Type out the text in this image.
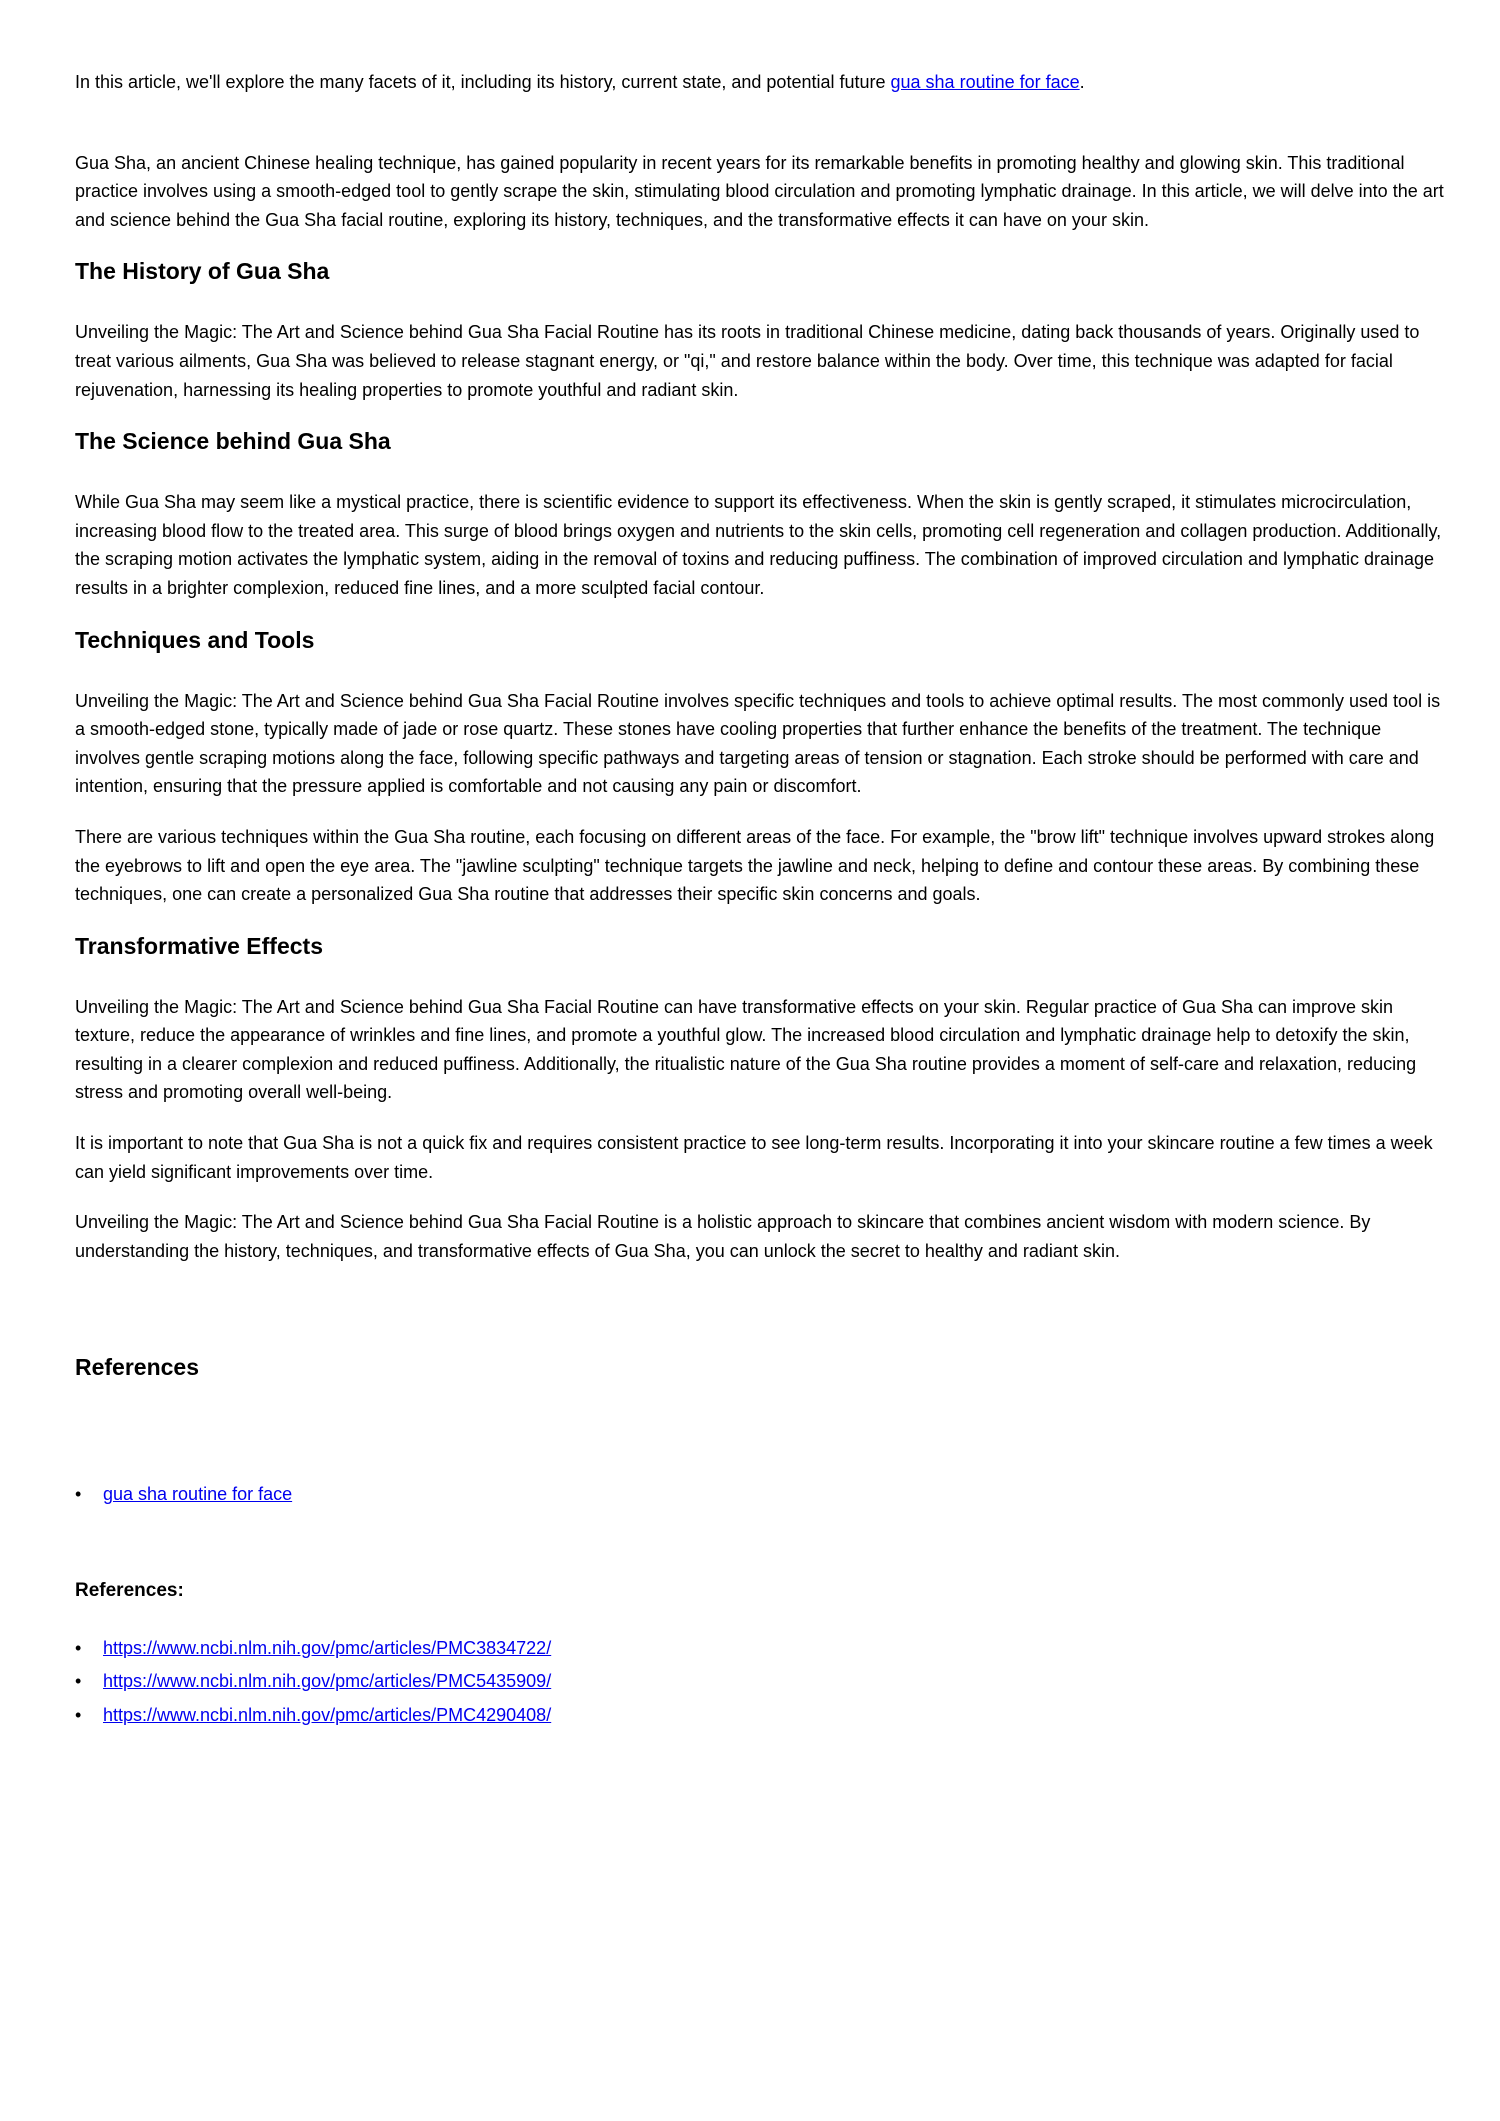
In this article, we'll explore the many facets of it, including its history, current state, and potential future gua sha routine for face.

Gua Sha, an ancient Chinese healing technique, has gained popularity in recent years for its remarkable benefits in promoting healthy and glowing skin. This traditional practice involves using a smooth-edged tool to gently scrape the skin, stimulating blood circulation and promoting lymphatic drainage. In this article, we will delve into the art and science behind the Gua Sha facial routine, exploring its history, techniques, and the transformative effects it can have on your skin.

The History of Gua Sha

Unveiling the Magic: The Art and Science behind Gua Sha Facial Routine has its roots in traditional Chinese medicine, dating back thousands of years. Originally used to treat various ailments, Gua Sha was believed to release stagnant energy, or "qi," and restore balance within the body. Over time, this technique was adapted for facial rejuvenation, harnessing its healing properties to promote youthful and radiant skin.

The Science behind Gua Sha

While Gua Sha may seem like a mystical practice, there is scientific evidence to support its effectiveness. When the skin is gently scraped, it stimulates microcirculation, increasing blood flow to the treated area. This surge of blood brings oxygen and nutrients to the skin cells, promoting cell regeneration and collagen production. Additionally, the scraping motion activates the lymphatic system, aiding in the removal of toxins and reducing puffiness. The combination of improved circulation and lymphatic drainage results in a brighter complexion, reduced fine lines, and a more sculpted facial contour.

Techniques and Tools

Unveiling the Magic: The Art and Science behind Gua Sha Facial Routine involves specific techniques and tools to achieve optimal results. The most commonly used tool is a smooth-edged stone, typically made of jade or rose quartz. These stones have cooling properties that further enhance the benefits of the treatment. The technique involves gentle scraping motions along the face, following specific pathways and targeting areas of tension or stagnation. Each stroke should be performed with care and intention, ensuring that the pressure applied is comfortable and not causing any pain or discomfort.

There are various techniques within the Gua Sha routine, each focusing on different areas of the face. For example, the "brow lift" technique involves upward strokes along the eyebrows to lift and open the eye area. The "jawline sculpting" technique targets the jawline and neck, helping to define and contour these areas. By combining these techniques, one can create a personalized Gua Sha routine that addresses their specific skin concerns and goals.

Transformative Effects

Unveiling the Magic: The Art and Science behind Gua Sha Facial Routine can have transformative effects on your skin. Regular practice of Gua Sha can improve skin texture, reduce the appearance of wrinkles and fine lines, and promote a youthful glow. The increased blood circulation and lymphatic drainage help to detoxify the skin, resulting in a clearer complexion and reduced puffiness. Additionally, the ritualistic nature of the Gua Sha routine provides a moment of self-care and relaxation, reducing stress and promoting overall well-being.

It is important to note that Gua Sha is not a quick fix and requires consistent practice to see long-term results. Incorporating it into your skincare routine a few times a week can yield significant improvements over time.

Unveiling the Magic: The Art and Science behind Gua Sha Facial Routine is a holistic approach to skincare that combines ancient wisdom with modern science. By understanding the history, techniques, and transformative effects of Gua Sha, you can unlock the secret to healthy and radiant skin.

References
• gua sha routine for face
References:
• https://www.ncbi.nlm.nih.gov/pmc/articles/PMC3834722/
• https://www.ncbi.nlm.nih.gov/pmc/articles/PMC5435909/
• https://www.ncbi.nlm.nih.gov/pmc/articles/PMC4290408/
